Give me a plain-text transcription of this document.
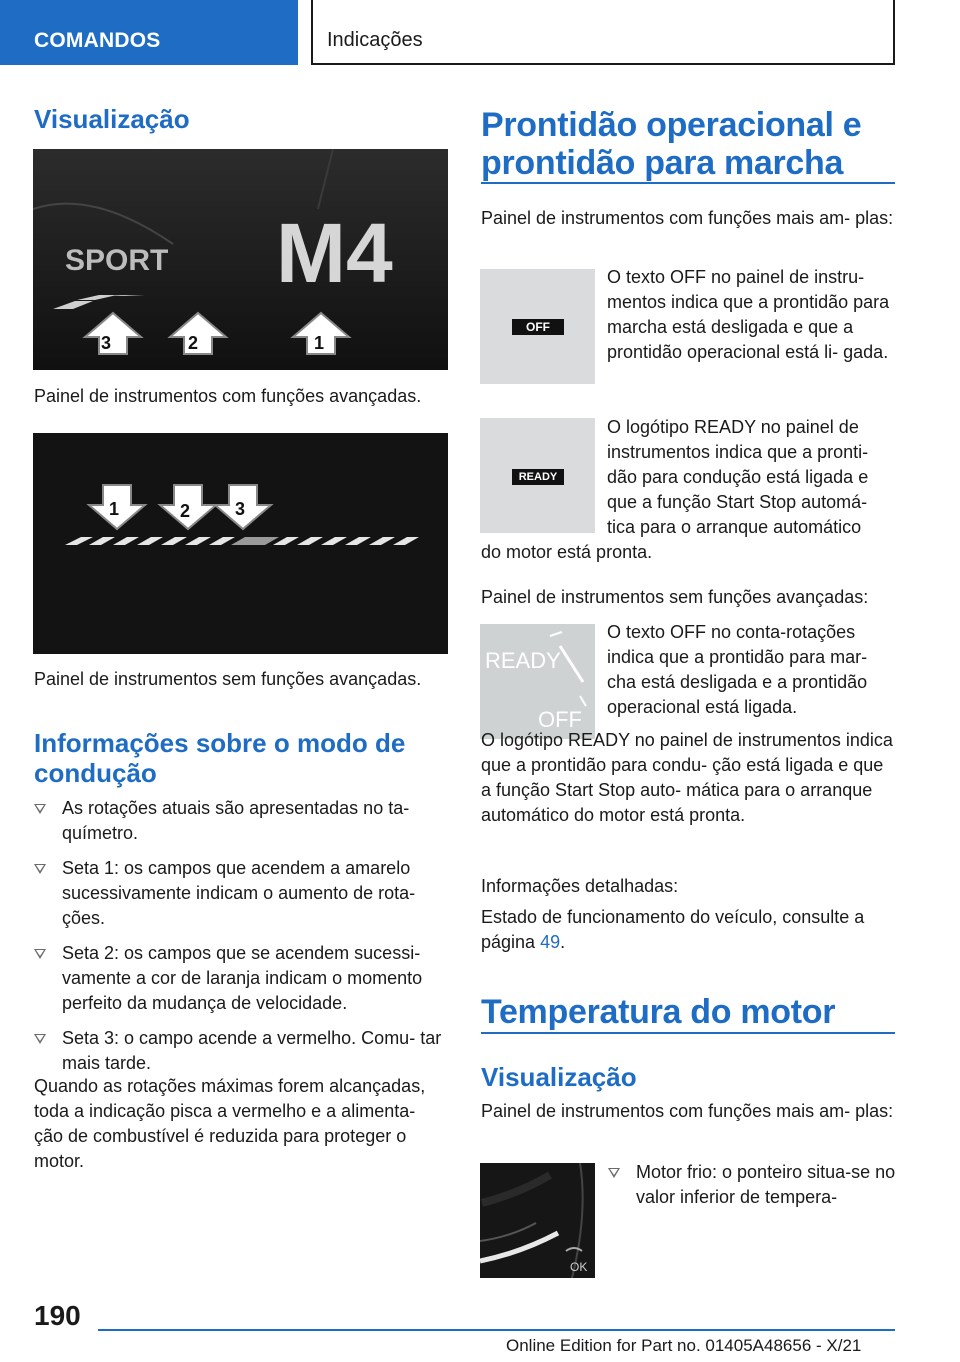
COMANDOS	Indicações
Visualização
SPORT M4
3	2	1
Painel de instrumentos com funções avançadas.
1	2 3
Painel de instrumentos sem funções avançadas.
Informações sobre o modo de condução
As rotações atuais são apresentadas no ta‐ químetro.
Seta 1: os campos que acendem a amarelo sucessivamente indicam o aumento de rota‐ ções.
Seta 2: os campos que se acendem sucessi‐ vamente a cor de laranja indicam o momento perfeito da mudança de velocidade.
Seta 3: o campo acende a vermelho. Comu‐ tar mais tarde.
Quando as rotações máximas forem alcançadas, toda a indicação pisca a vermelho e a alimenta‐ ção de combustível é reduzida para proteger o motor.
Prontidão operacional e prontidão para marcha
Painel de instrumentos com funções mais am‐ plas:
OFF
O texto OFF no painel de instru‐ mentos indica que a prontidão para marcha está desligada e que a prontidão operacional está li‐ gada.
READY
O logótipo READY no painel de instrumentos indica que a pronti‐ dão para condução está ligada e que a função Start Stop automá‐ tica para o arranque automático
do motor está pronta.
Painel de instrumentos sem funções avançadas:
READY
OFF
O texto OFF no conta-rotações indica que a prontidão para mar‐ cha está desligada e a prontidão operacional está ligada.
O logótipo READY no painel de instrumentos indica que a prontidão para condu‐ ção está ligada e que a função Start Stop auto‐ mática para o arranque automático do motor está pronta.
Informações detalhadas:
Estado de funcionamento do veículo, consulte a página 49.
Temperatura do motor
Visualização
Painel de instrumentos com funções mais am‐ plas:
OK
Motor frio: o ponteiro situa-se no valor inferior de tempera‐
190
Online Edition for Part no. 01405A48656 - X/21
